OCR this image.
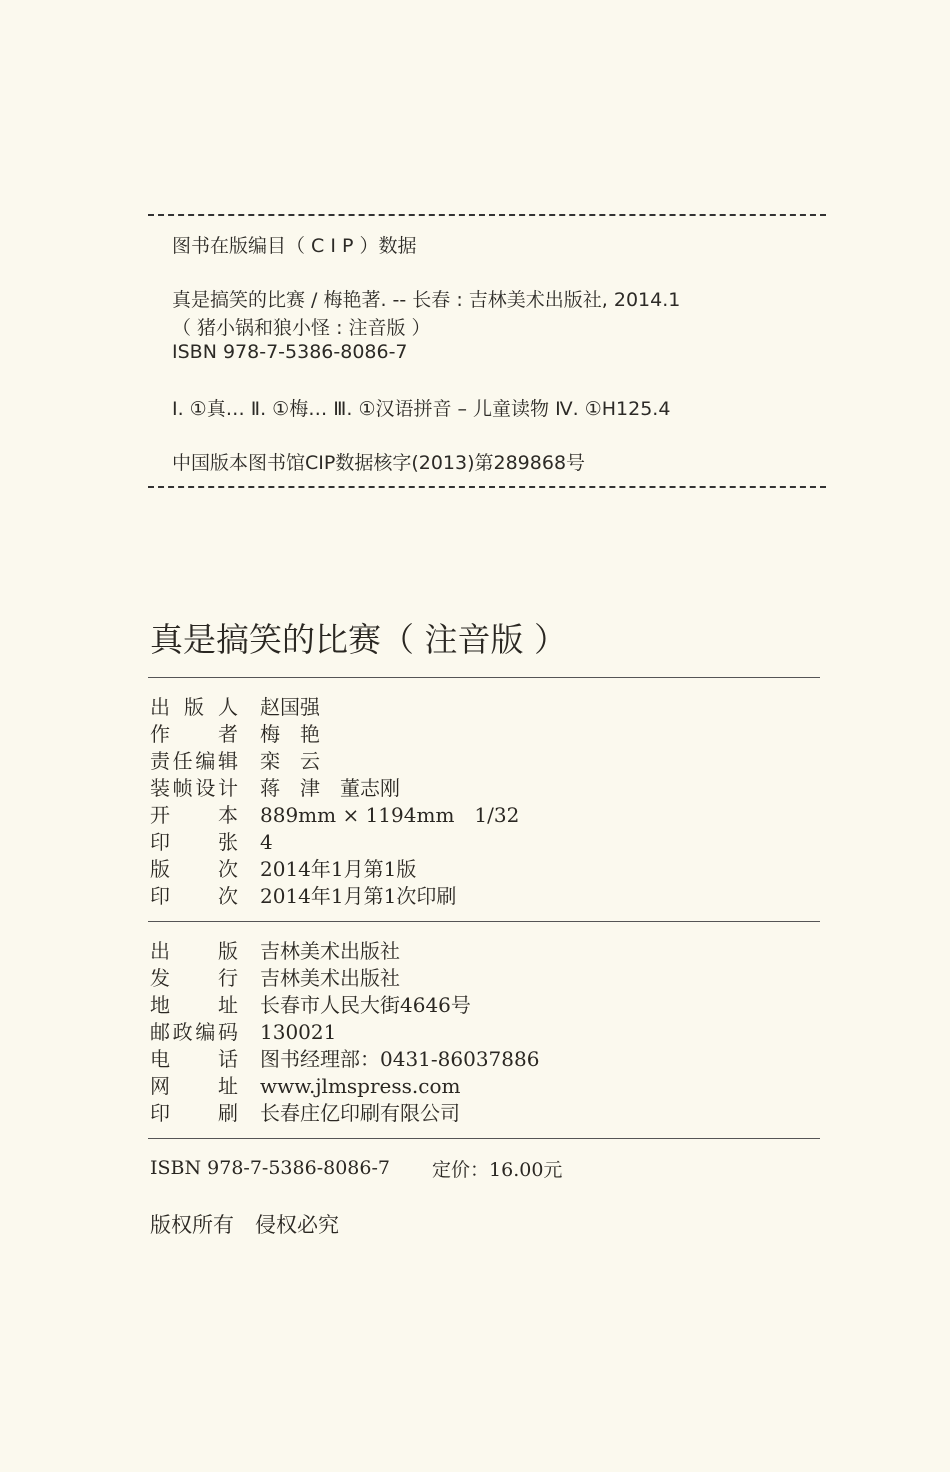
图书在版编目（ C I P ）数据
真是搞笑的比赛 / 梅艳著. -- 长春 : 吉林美术出版社, 2014.1
（ 猪小锅和狼小怪 : 注音版 ）
ISBN 978-7-5386-8086-7
Ⅰ. ①真… Ⅱ. ①梅… Ⅲ. ①汉语拼音 – 儿童读物 Ⅳ. ①H125.4
中国版本图书馆CIP数据核字(2013)第289868号
真是搞笑的比赛（ 注音版 ）
出版人 赵国强
作者 梅　艳
责任编辑 栾　云
装帧设计 蒋　津　董志刚
开本 889mm × 1194mm　1/32
印张 4
版次 2014年1月第1版
印次 2014年1月第1次印刷
出版 吉林美术出版社
发行 吉林美术出版社
地址 长春市人民大街4646号
邮政编码 130021
电话 图书经理部：0431-86037886
网址 www.jlmspress.com
印刷 长春庄亿印刷有限公司
ISBN 978-7-5386-8086-7 定价：16.00元
版权所有　侵权必究
